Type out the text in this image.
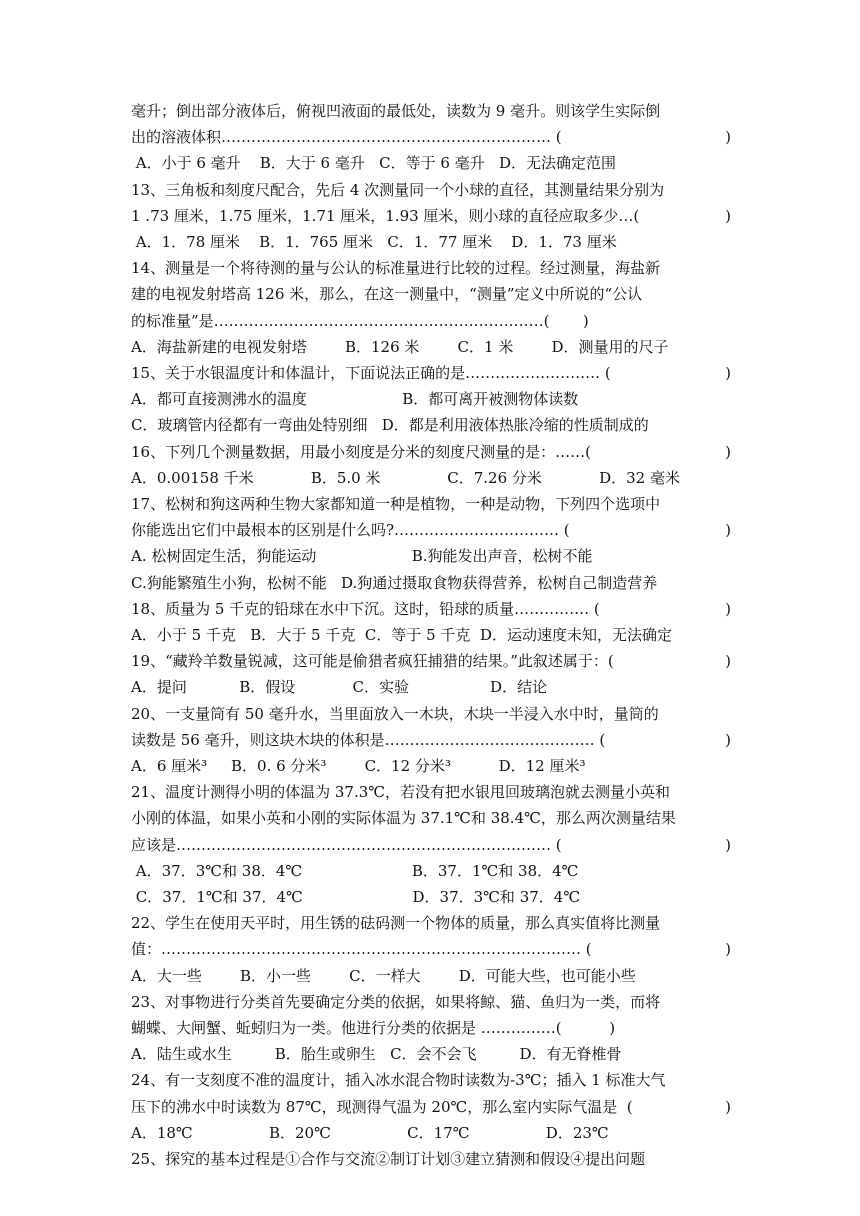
毫升；倒出部分液体后，俯视凹液面的最低处，读数为 9 毫升。则该学生实际倒
出的溶液体积………………………………………………………… (	)
A．小于 6 毫升    B．大于 6 毫升   C．等于 6 毫升   D．无法确定范围
13、三角板和刻度尺配合，先后 4 次测量同一个小球的直径，其测量结果分别为
1 .73 厘米，1.75 厘米，1.71 厘米，1.93 厘米，则小球的直径应取多少…(	)
A．1．78 厘米    B．1．765 厘米   C．1．77 厘米    D．1．73 厘米
14、测量是一个将待测的量与公认的标准量进行比较的过程。经过测量，海盐新
建的电视发射塔高 126 米，那么，在这一测量中，“测量”定义中所说的“公认
的标准量”是…………………………………………………………(       )
A．海盐新建的电视发射塔        B．126 米        C．1 米        D．测量用的尺子
15、关于水银温度计和体温计，下面说法正确的是……………………… (	)
A．都可直接测沸水的温度                    B．都可离开被测物体读数
C．玻璃管内径都有一弯曲处特别细   D．都是利用液体热胀冷缩的性质制成的
16、下列几个测量数据，用最小刻度是分米的刻度尺测量的是：……(	)
A．0.00158 千米            B．5.0 米              C．7.26 分米            D．32 毫米
17、松树和狗这两种生物大家都知道一种是植物，一种是动物，下列四个选项中
你能选出它们中最根本的区别是什么吗?…………………………… (	)
A. 松树固定生活，狗能运动                    B.狗能发出声音，松树不能
C.狗能繁殖生小狗，松树不能   D.狗通过摄取食物获得营养，松树自己制造营养
18、质量为 5 千克的铅球在水中下沉。这时，铅球的质量…………… (	)
A．小于 5 千克   B．大于 5 千克  C．等于 5 千克  D．运动速度未知，无法确定
19、“藏羚羊数量锐减，这可能是偷猎者疯狂捕猎的结果。”此叙述属于：(	)
A．提问           B．假设            C．实验                 D．结论
20、一支量筒有 50 毫升水，当里面放入一木块，木块一半浸入水中时，量筒的
读数是 56 毫升，则这块木块的体积是…………………………………… (	)
A．6 厘米³     B．0. 6 分米³        C．12 分米³          D．12 厘米³
21、温度计测得小明的体温为 37.3℃，若没有把水银甩回玻璃泡就去测量小英和
小刚的体温，如果小英和小刚的实际体温为 37.1℃和 38.4℃，那么两次测量结果
应该是………………………………………………………………… (	)
A．37．3℃和 38．4℃                       B．37．1℃和 38．4℃
C．37．1℃和 37．4℃                       D．37．3℃和 37．4℃
22、学生在使用天平时，用生锈的砝码测一个物体的质量，那么真实值将比测量
值：………………………………………………………………………… (	)
A．大一些        B．小一些        C．一样大        D．可能大些，也可能小些
23、对事物进行分类首先要确定分类的依据，如果将鲸、猫、鱼归为一类，而将
蝴蝶、大闸蟹、蚯蚓归为一类。他进行分类的依据是 ……………(          )
A．陆生或水生         B．胎生或卵生   C．会不会飞         D．有无脊椎骨
24、有一支刻度不准的温度计，插入冰水混合物时读数为-3℃；插入 1 标准大气
压下的沸水中时读数为 87℃，现测得气温为 20℃，那么室内实际气温是  (	)
A．18℃                B．20℃                C．17℃                D．23℃
25、探究的基本过程是①合作与交流②制订计划③建立猜测和假设④提出问题
